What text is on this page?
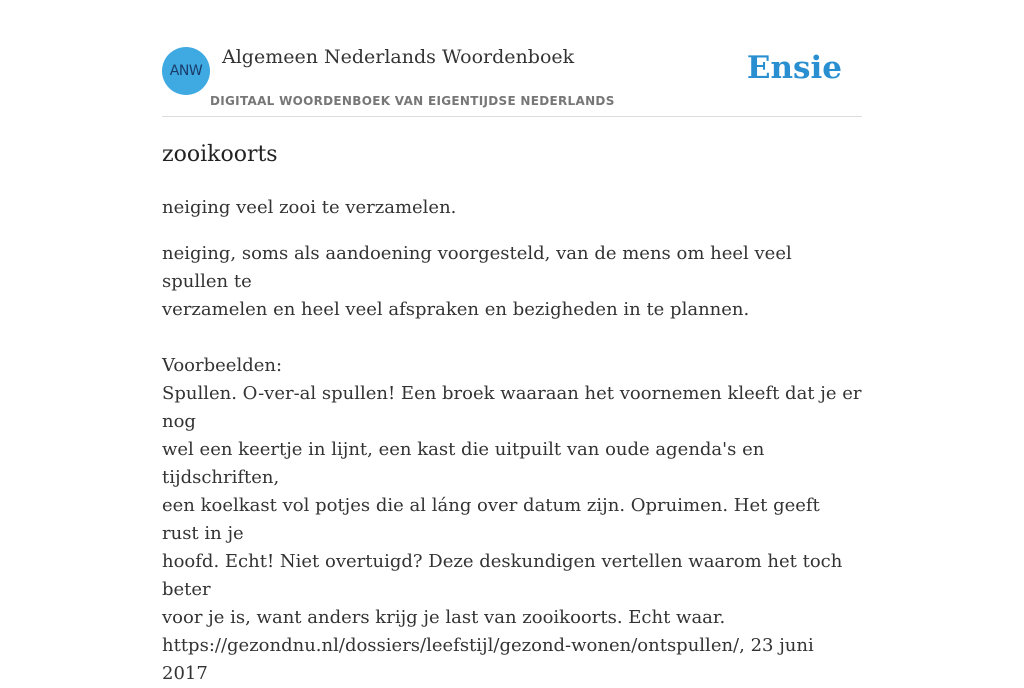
ANW
Algemeen Nederlands Woordenboek
DIGITAAL WOORDENBOEK VAN EIGENTIJDSE NEDERLANDS
Ensie
zooikoorts

neiging veel zooi te verzamelen.

neiging, soms als aandoening voorgesteld, van de mens om heel veel spullen te
verzamelen en heel veel afspraken en bezigheden in te plannen.
Voorbeelden:
Spullen. O-ver-al spullen! Een broek waaraan het voornemen kleeft dat je er nog
wel een keertje in lijnt, een kast die uitpuilt van oude agenda's en tijdschriften,
een koelkast vol potjes die al láng over datum zijn. Opruimen. Het geeft rust in je
hoofd. Echt! Niet overtuigd? Deze deskundigen vertellen waarom het toch beter
voor je is, want anders krijg je last van zooikoorts. Echt waar.
https://gezondnu.nl/dossiers/leefstijl/gezond-wonen/ontspullen/, 23 juni 2017
